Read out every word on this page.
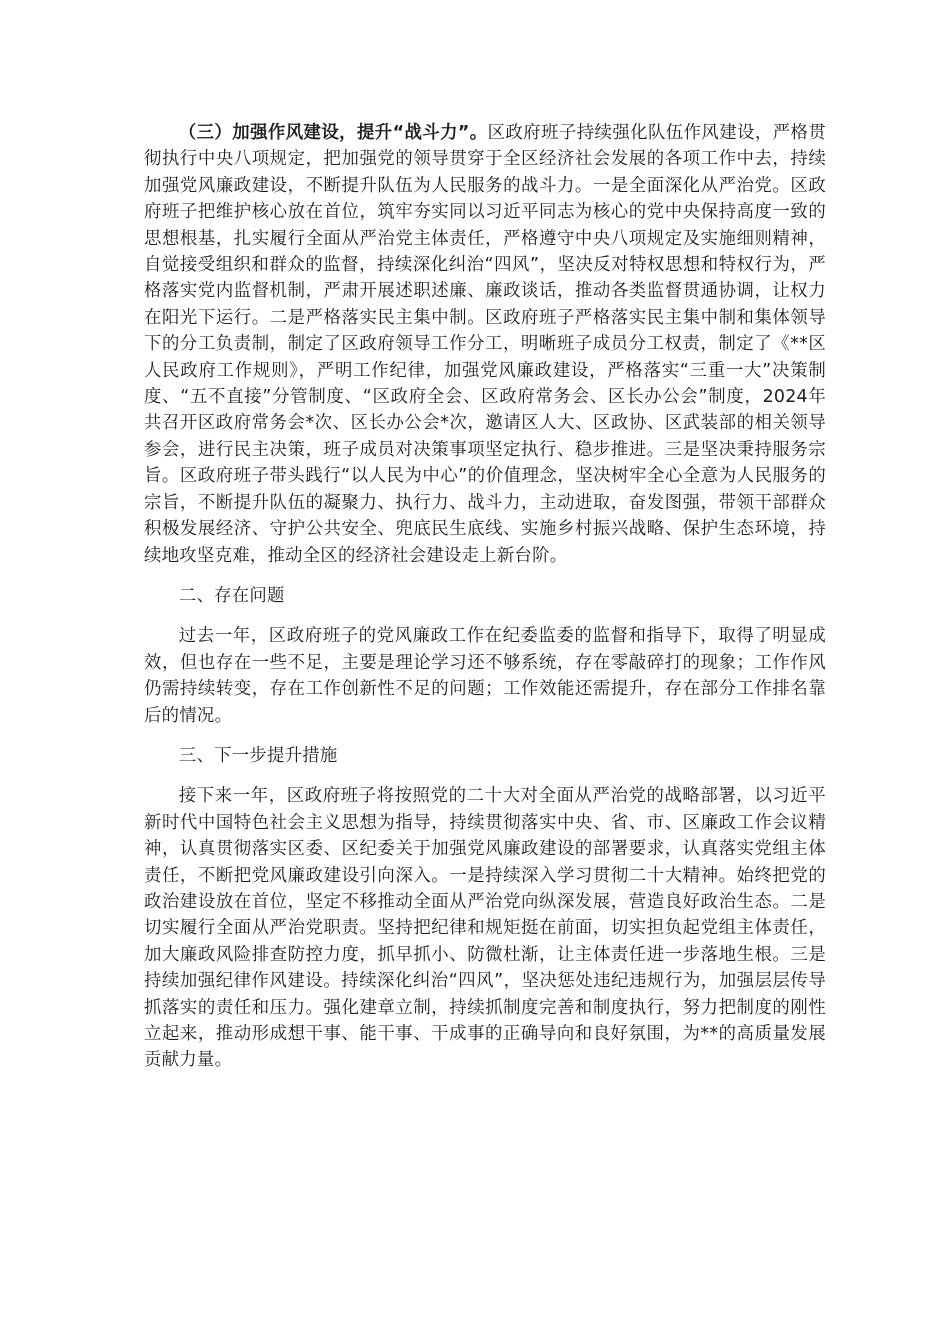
（三）加强作风建设，提升“战斗力”。区政府班子持续强化队伍作风建设，严格贯彻执行中央八项规定，把加强党的领导贯穿于全区经济社会发展的各项工作中去，持续加强党风廉政建设，不断提升队伍为人民服务的战斗力。一是全面深化从严治党。区政府班子把维护核心放在首位，筑牢夯实同以习近平同志为核心的党中央保持高度一致的思想根基，扎实履行全面从严治党主体责任，严格遵守中央八项规定及实施细则精神，自觉接受组织和群众的监督，持续深化纠治“四风”，坚决反对特权思想和特权行为，严格落实党内监督机制，严肃开展述职述廉、廉政谈话，推动各类监督贯通协调，让权力在阳光下运行。二是严格落实民主集中制。区政府班子严格落实民主集中制和集体领导下的分工负责制，制定了区政府领导工作分工，明晰班子成员分工权责，制定了《**区人民政府工作规则》，严明工作纪律，加强党风廉政建设，严格落实“三重一大”决策制度、“五不直接”分管制度、“区政府全会、区政府常务会、区长办公会”制度，2024年共召开区政府常务会*次、区长办公会*次，邀请区人大、区政协、区武装部的相关领导参会，进行民主决策，班子成员对决策事项坚定执行、稳步推进。三是坚决秉持服务宗旨。区政府班子带头践行“以人民为中心”的价值理念，坚决树牢全心全意为人民服务的宗旨，不断提升队伍的凝聚力、执行力、战斗力，主动进取，奋发图强，带领干部群众积极发展经济、守护公共安全、兜底民生底线、实施乡村振兴战略、保护生态环境，持续地攻坚克难，推动全区的经济社会建设走上新台阶。

二、存在问题

过去一年，区政府班子的党风廉政工作在纪委监委的监督和指导下，取得了明显成效，但也存在一些不足，主要是理论学习还不够系统，存在零敲碎打的现象；工作作风仍需持续转变，存在工作创新性不足的问题；工作效能还需提升，存在部分工作排名靠后的情况。

三、下一步提升措施

接下来一年，区政府班子将按照党的二十大对全面从严治党的战略部署，以习近平新时代中国特色社会主义思想为指导，持续贯彻落实中央、省、市、区廉政工作会议精神，认真贯彻落实区委、区纪委关于加强党风廉政建设的部署要求，认真落实党组主体责任，不断把党风廉政建设引向深入。一是持续深入学习贯彻二十大精神。始终把党的政治建设放在首位，坚定不移推动全面从严治党向纵深发展，营造良好政治生态。二是切实履行全面从严治党职责。坚持把纪律和规矩挺在前面，切实担负起党组主体责任，加大廉政风险排查防控力度，抓早抓小、防微杜渐，让主体责任进一步落地生根。三是持续加强纪律作风建设。持续深化纠治“四风”，坚决惩处违纪违规行为，加强层层传导抓落实的责任和压力。强化建章立制，持续抓制度完善和制度执行，努力把制度的刚性立起来，推动形成想干事、能干事、干成事的正确导向和良好氛围，为**的高质量发展贡献力量。
